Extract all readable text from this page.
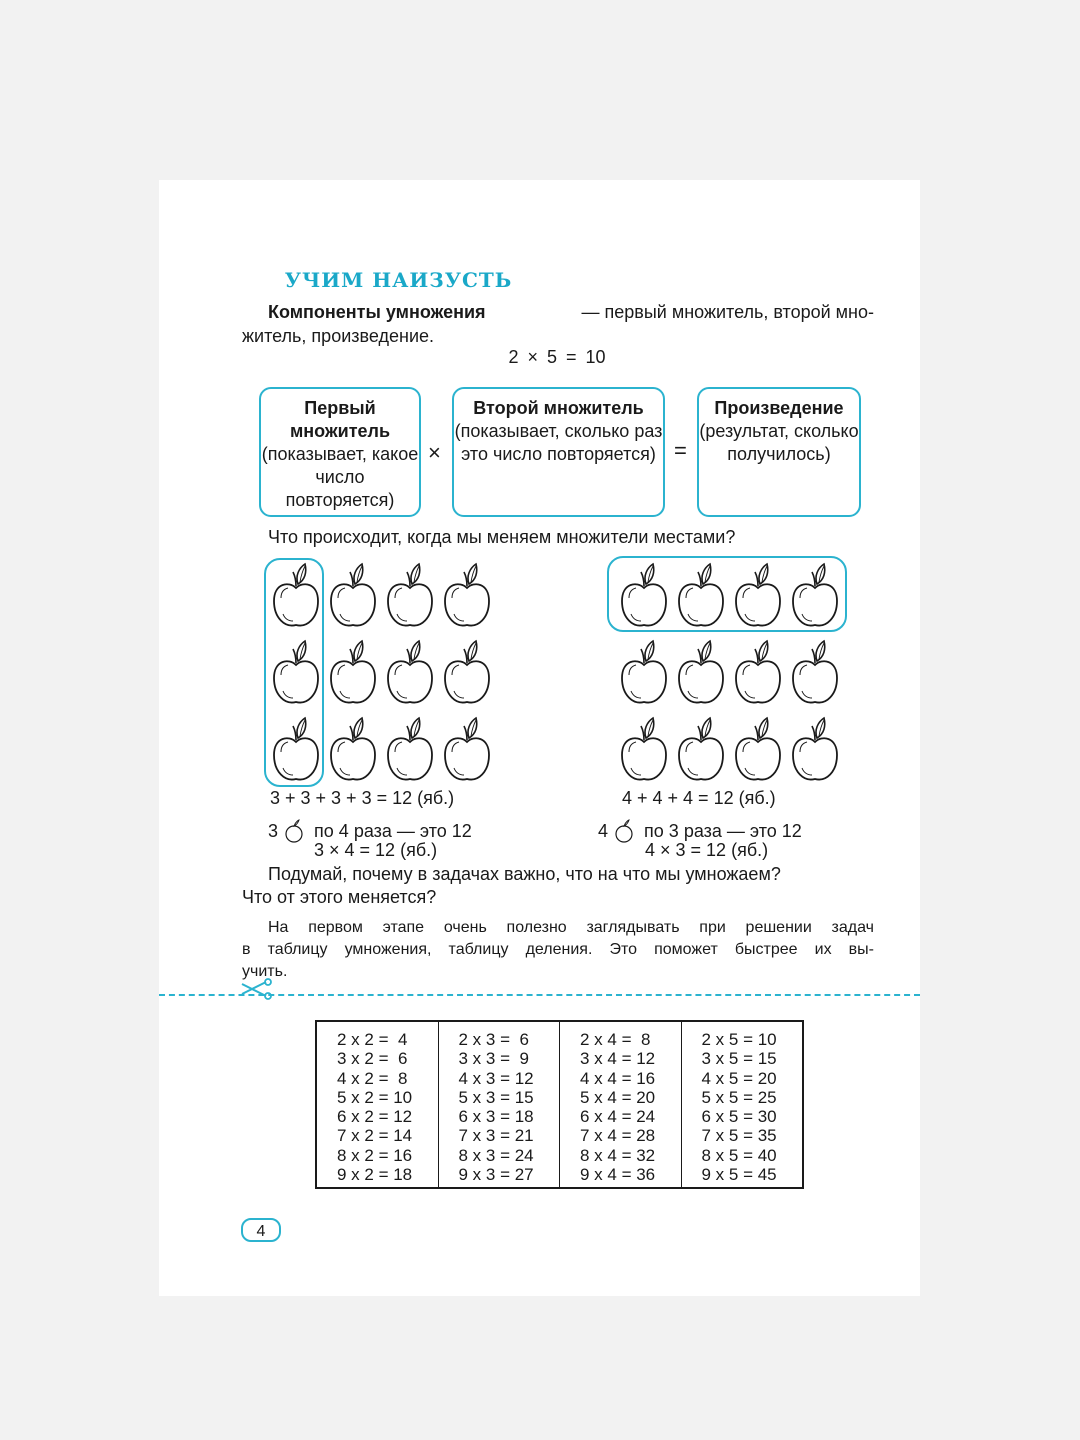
УЧИМ НАИЗУСТЬ
Компоненты умножения	— первый множитель, второй мно-
житель, произведение.
2 × 5 = 10
Первый множитель
(показывает, какое число повторяется)
×
Второй множитель
(показывает, сколько раз это число повторяется) =
Произведение
(результат, сколько получилось)
Что происходит, когда мы меняем множители местами?
3 + 3 + 3 + 3 = 12 (яб.)
3 по 4 раза — это 12
3 × 4 = 12 (яб.)
4 + 4 + 4 = 12 (яб.)
4 по 3 раза — это 12
4 × 3 = 12 (яб.)
Подумай, почему в задачах важно, что на что мы умножаем?
Что от этого меняется?
На первом этапе очень полезно заглядывать при решении задач
в таблицу умножения, таблицу деления. Это поможет быстрее их вы-
учить.
2 x 2 =  4
3 x 2 =  6
4 x 2 =  8
5 x 2 = 10
6 x 2 = 12
7 x 2 = 14
8 x 2 = 16
9 x 2 = 18
2 x 3 =  6
3 x 3 =  9
4 x 3 = 12
5 x 3 = 15
6 x 3 = 18
7 x 3 = 21
8 x 3 = 24
9 x 3 = 27
2 x 4 =  8
3 x 4 = 12
4 x 4 = 16
5 x 4 = 20
6 x 4 = 24
7 x 4 = 28
8 x 4 = 32
9 x 4 = 36
2 x 5 = 10
3 x 5 = 15
4 x 5 = 20
5 x 5 = 25
6 x 5 = 30
7 x 5 = 35
8 x 5 = 40
9 x 5 = 45
4
